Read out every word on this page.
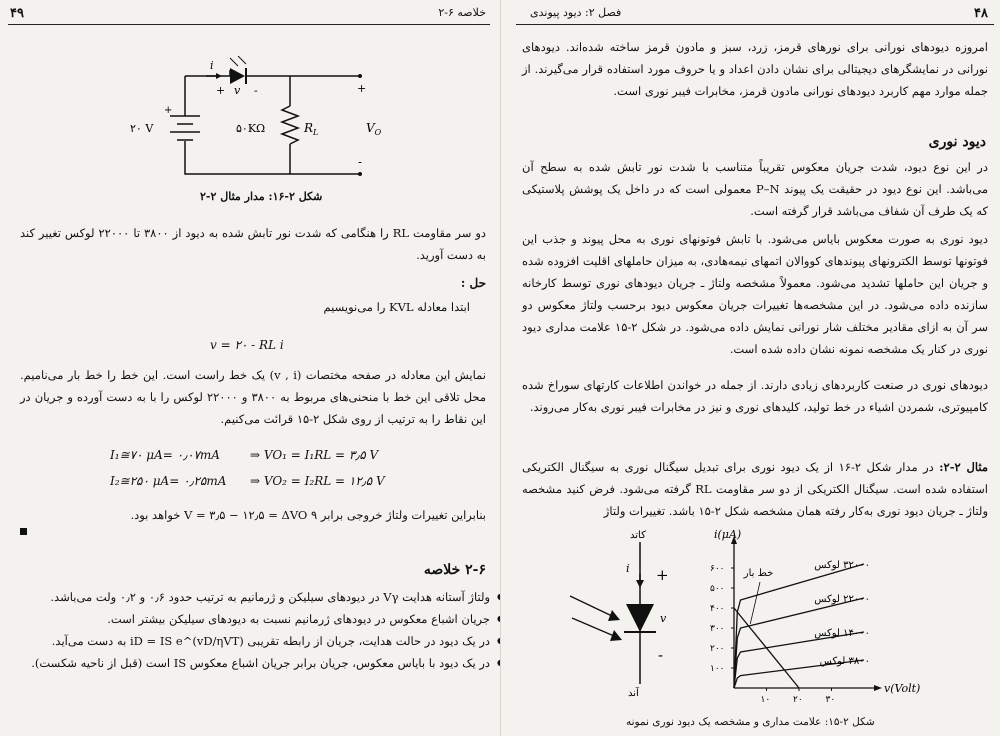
۴۹	۲-۶ خلاصه
i
+ v -
+
۲۰ V	۵۰KΩ	$R_L$	$V_O$
+
-
شکل ۲-۱۶: مدار مثال ۲-۲
دو سر مقاومت RL را هنگامی که شدت نور تابش شده به دیود از ۳۸۰۰ تا ۲۲۰۰۰ لوکس تغییر کند به دست آورید.
حل :
ابتدا معادله KVL را می‌نویسیم
v = ۲۰ - RL i
نمایش این معادله در صفحه مختصات (v , i) یک خط راست است. این خط را خط بار می‌نامیم. محل تلاقی این خط با منحنی‌های مربوط به ۳۸۰۰ و ۲۲۰۰۰ لوکس را با به دست آورده و جریان در این نقاط را به ترتیب از روی شکل ۲-۱۵ قرائت می‌کنیم.
I₁≅۷۰ μA= ۰٫۰۷mA	⇒ VO₁ = I₁RL = ۳٫۵ V
I₂≅۲۵۰ μA= ۰٫۲۵mA ⇒ VO₂ = I₂RL = ۱۲٫۵ V
بنابراین تغییرات ولتاژ خروجی برابر ۹ V = ۳٫۵ − ۱۲٫۵ = ΔVO خواهد بود.
۲-۶ خلاصه
● ولتاژ آستانه هدایت Vγ در دیودهای سیلیکن و ژرمانیم به ترتیب حدود ۰٫۶ و ۰٫۲ ولت می‌باشد.
● جریان اشباع معکوس در دیودهای ژرمانیم نسبت به دیودهای سیلیکن بیشتر است.
● در یک دیود در حالت هدایت، جریان از رابطه تقریبی iD = IS e^(vD/ηVT) به دست می‌آید.
● در یک دیود با بایاس معکوس، جریان برابر جریان اشباع معکوس IS است (قبل از ناحیه شکست).
فصل ۲: دیود پیوندی	۴۸
امروزه دیودهای نورانی برای نورهای قرمز، زرد، سبز و مادون قرمز ساخته شده‌اند. دیودهای نورانی در نمایشگرهای دیجیتالی برای نشان دادن اعداد و یا حروف مورد استفاده قرار می‌گیرند. از جمله موارد مهم کاربرد دیودهای نورانی مادون قرمز، مخابرات فیبر نوری است.
دیود نوری
در این نوع دیود، شدت جریان معکوس تقریباً متناسب با شدت نور تابش شده به سطح آن می‌باشد. این نوع دیود در حقیقت یک پیوند P–N معمولی است که در داخل یک پوشش پلاستیکی که یک طرف آن شفاف می‌باشد قرار گرفته است.
دیود نوری به صورت معکوس بایاس می‌شود. با تابش فوتونهای نوری به محل پیوند و جذب این فوتونها توسط الکترونهای پیوندهای کووالان اتمهای نیمه‌هادی، به میزان حاملهای اقلیت افزوده شده و جریان این حاملها تشدید می‌شود. معمولاً مشخصه ولتاژ ـ جریان دیودهای نوری توسط کارخانه سازنده داده می‌شود. در این مشخصه‌ها تغییرات جریان معکوس دیود برحسب ولتاژ معکوس دو سر آن به ازای مقادیر مختلف شار نورانی نمایش داده می‌شود. در شکل ۲-۱۵ علامت مداری دیود نوری در کنار یک مشخصه نمونه نشان داده شده است.
دیودهای نوری در صنعت کاربردهای زیادی دارند. از جمله در خواندن اطلاعات کارتهای سوراخ شده کامپیوتری، شمردن اشیاء در خط تولید، کلیدهای نوری و نیز در مخابرات فیبر نوری به‌کار می‌روند.
مثال ۲-۲: در مدار شکل ۲-۱۶ از یک دیود نوری برای تبدیل سیگنال نوری به سیگنال الکتریکی استفاده شده است. سیگنال الکتریکی از دو سر مقاومت RL گرفته می‌شود. فرض کنید مشخصه ولتاژ ـ جریان دیود نوری به‌کار رفته همان مشخصه شکل ۲-۱۵ باشد. تغییرات ولتاژ
کاتد
آند
i +
v
-
i(μA)
v(Volt)
۱۰۰
۲۰۰
۳۰۰
۴۰۰
۵۰۰
۶۰۰
۱۰	۲۰	۳۰
۳۲۰۰۰ لوکس
۲۲۰۰۰ لوکس
۱۴۰۰۰ لوکس
۳۸۰۰ لوکس
خط بار
شکل ۲-۱۵: علامت مداری و مشخصه یک دیود نوری نمونه
